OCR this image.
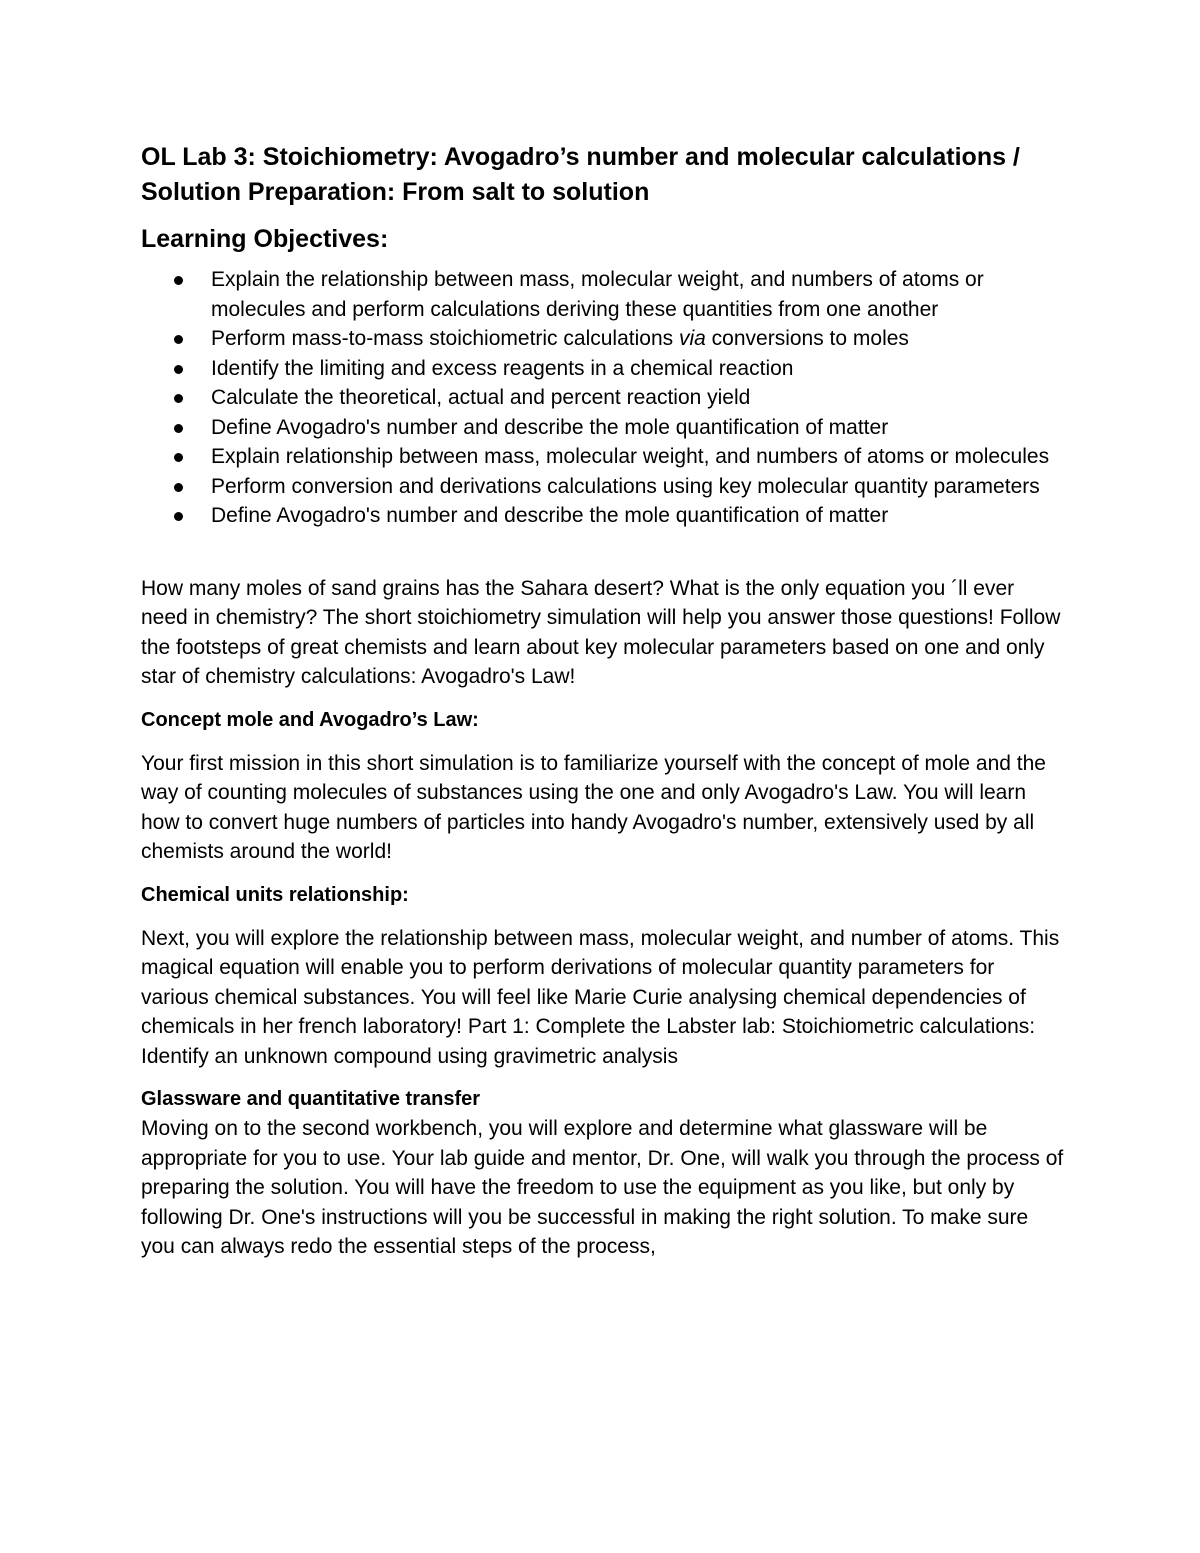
OL Lab 3: Stoichiometry: Avogadro’s number and molecular calculations / Solution Preparation: From salt to solution
Learning Objectives:
Explain the relationship between mass, molecular weight, and numbers of atoms or molecules and perform calculations deriving these quantities from one another
Perform mass-to-mass stoichiometric calculations via conversions to moles
Identify the limiting and excess reagents in a chemical reaction
Calculate the theoretical, actual and percent reaction yield
Define Avogadro's number and describe the mole quantification of matter
Explain relationship between mass, molecular weight, and numbers of atoms or molecules
Perform conversion and derivations calculations using key molecular quantity parameters
Define Avogadro's number and describe the mole quantification of matter

How many moles of sand grains has the Sahara desert? What is the only equation you ´ll ever need in chemistry? The short stoichiometry simulation will help you answer those questions! Follow the footsteps of great chemists and learn about key molecular parameters based on one and only star of chemistry calculations: Avogadro's Law!

Concept mole and Avogadro’s Law:

Your first mission in this short simulation is to familiarize yourself with the concept of mole and the way of counting molecules of substances using the one and only Avogadro's Law. You will learn how to convert huge numbers of particles into handy Avogadro's number, extensively used by all chemists around the world!

Chemical units relationship:

Next, you will explore the relationship between mass, molecular weight, and number of atoms. This magical equation will enable you to perform derivations of molecular quantity parameters for various chemical substances. You will feel like Marie Curie analysing chemical dependencies of chemicals in her french laboratory! Part 1: Complete the Labster lab: Stoichiometric calculations: Identify an unknown compound using gravimetric analysis

Glassware and quantitative transfer

Moving on to the second workbench, you will explore and determine what glassware will be appropriate for you to use. Your lab guide and mentor, Dr. One, will walk you through the process of preparing the solution. You will have the freedom to use the equipment as you like, but only by following Dr. One's instructions will you be successful in making the right solution. To make sure you can always redo the essential steps of the process,
